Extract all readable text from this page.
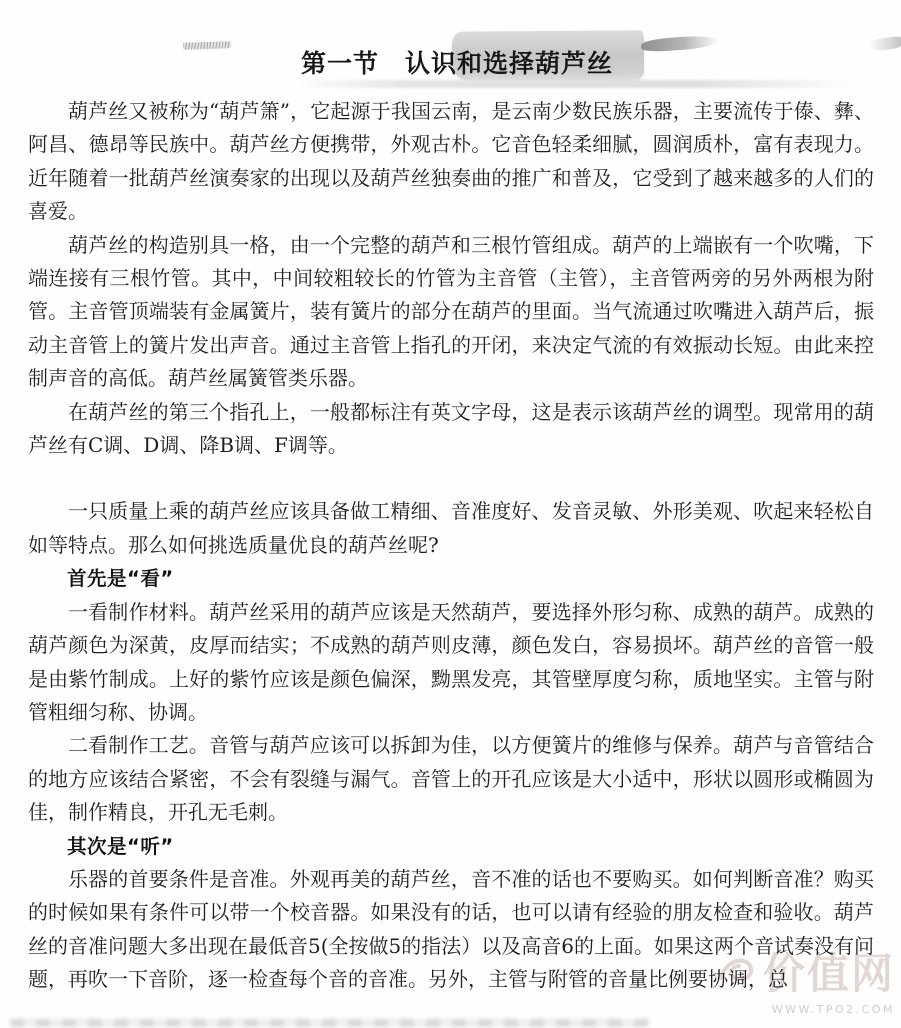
第一节　认识和选择葫芦丝

葫芦丝又被称为“葫芦箫”，它起源于我国云南，是云南少数民族乐器，主要流传于傣、彝、阿昌、德昂等民族中。葫芦丝方便携带，外观古朴。它音色轻柔细腻，圆润质朴，富有表现力。近年随着一批葫芦丝演奏家的出现以及葫芦丝独奏曲的推广和普及，它受到了越来越多的人们的喜爱。

葫芦丝的构造别具一格，由一个完整的葫芦和三根竹管组成。葫芦的上端嵌有一个吹嘴，下端连接有三根竹管。其中，中间较粗较长的竹管为主音管（主管），主音管两旁的另外两根为附管。主音管顶端装有金属簧片，装有簧片的部分在葫芦的里面。当气流通过吹嘴进入葫芦后，振动主音管上的簧片发出声音。通过主音管上指孔的开闭，来决定气流的有效振动长短。由此来控制声音的高低。葫芦丝属簧管类乐器。

在葫芦丝的第三个指孔上，一般都标注有英文字母，这是表示该葫芦丝的调型。现常用的葫芦丝有C调、D调、降B调、F调等。

一只质量上乘的葫芦丝应该具备做工精细、音准度好、发音灵敏、外形美观、吹起来轻松自如等特点。那么如何挑选质量优良的葫芦丝呢?

首先是“看”

一看制作材料。葫芦丝采用的葫芦应该是天然葫芦，要选择外形匀称、成熟的葫芦。成熟的葫芦颜色为深黄，皮厚而结实；不成熟的葫芦则皮薄，颜色发白，容易损坏。葫芦丝的音管一般是由紫竹制成。上好的紫竹应该是颜色偏深，黝黑发亮，其管壁厚度匀称，质地坚实。主管与附管粗细匀称、协调。

二看制作工艺。音管与葫芦应该可以拆卸为佳，以方便簧片的维修与保养。葫芦与音管结合的地方应该结合紧密，不会有裂缝与漏气。音管上的开孔应该是大小适中，形状以圆形或椭圆为佳，制作精良，开孔无毛刺。

其次是“听”

乐器的首要条件是音准。外观再美的葫芦丝，音不准的话也不要购买。如何判断音准？购买的时候如果有条件可以带一个校音器。如果没有的话，也可以请有经验的朋友检查和验收。葫芦丝的音准问题大多出现在最低音5(全按做5的指法）以及高音6的上面。如果这两个音试奏没有问题，再吹一下音阶，逐一检查每个音的音准。另外，主管与附管的音量比例要协调，总

价值网
WWW.TPO2.COM
